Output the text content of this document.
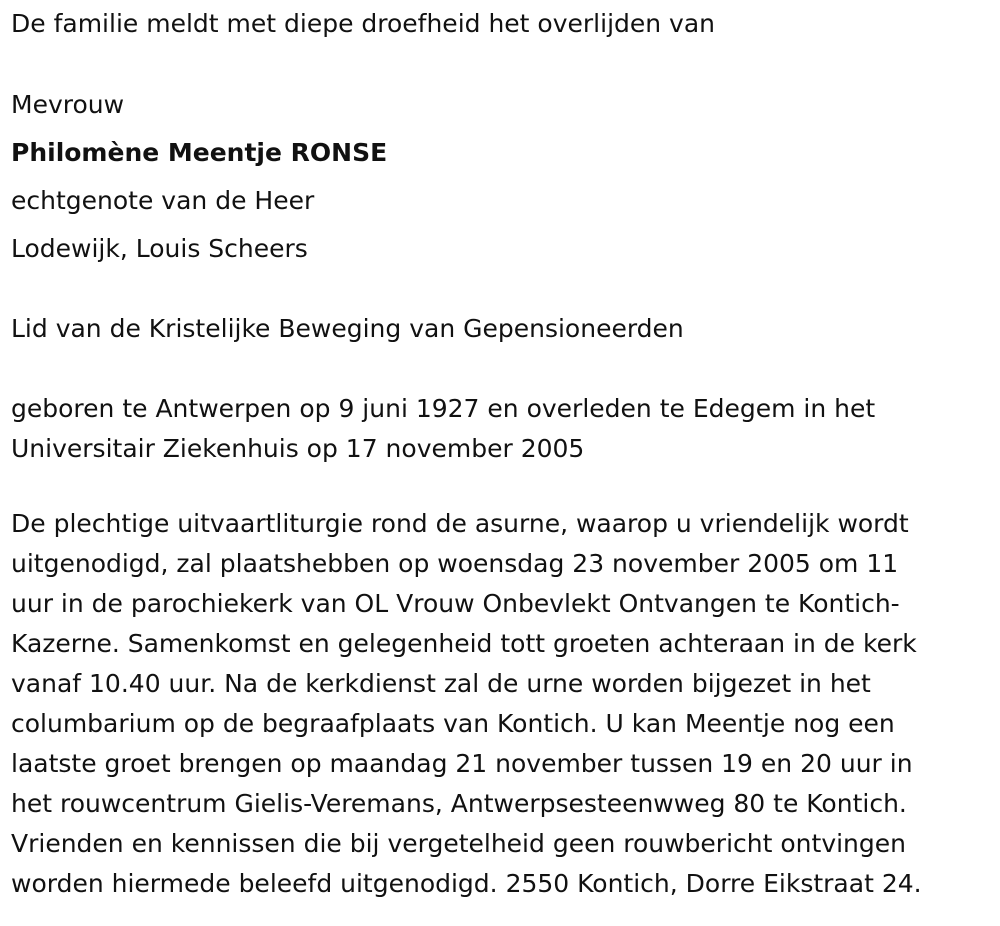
De familie meldt met diepe droefheid het overlijden van
Mevrouw
Philomène Meentje RONSE
echtgenote van de Heer
Lodewijk, Louis Scheers
Lid van de Kristelijke Beweging van Gepensioneerden
geboren te Antwerpen op 9 juni 1927 en overleden te Edegem in het
Universitair Ziekenhuis op 17 november 2005
De plechtige uitvaartliturgie rond de asurne, waarop u vriendelijk wordt
uitgenodigd, zal plaatshebben op woensdag 23 november 2005 om 11
uur in de parochiekerk van OL Vrouw Onbevlekt Ontvangen te Kontich-
Kazerne. Samenkomst en gelegenheid tott groeten achteraan in de kerk
vanaf 10.40 uur. Na de kerkdienst zal de urne worden bijgezet in het
columbarium op de begraafplaats van Kontich. U kan Meentje nog een
laatste groet brengen op maandag 21 november tussen 19 en 20 uur in
het rouwcentrum Gielis-Veremans, Antwerpsesteenwweg 80 te Kontich.
Vrienden en kennissen die bij vergetelheid geen rouwbericht ontvingen
worden hiermede beleefd uitgenodigd. 2550 Kontich, Dorre Eikstraat 24.
